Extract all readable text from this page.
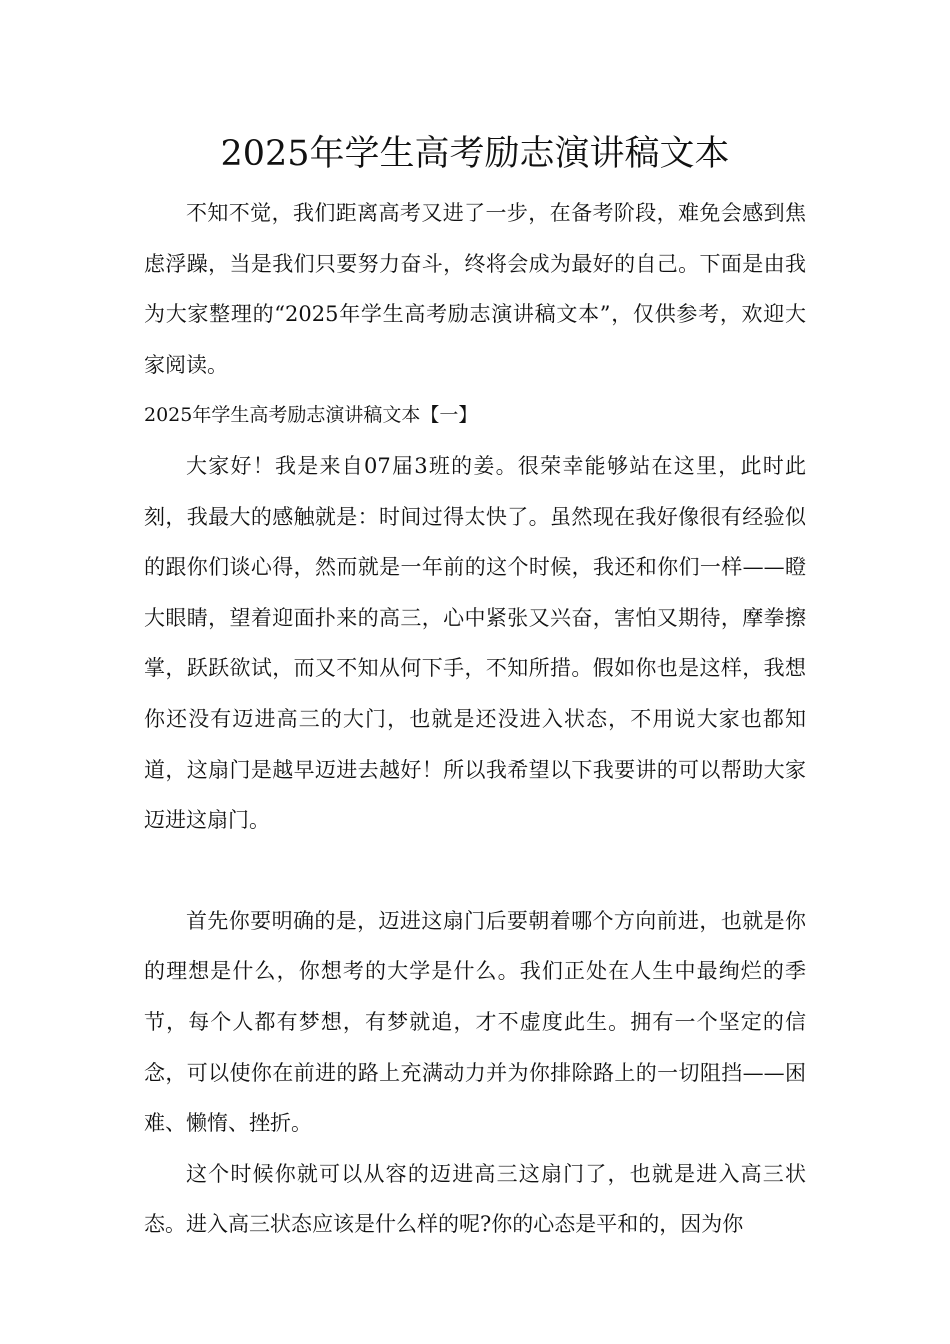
2025年学生高考励志演讲稿文本

不知不觉，我们距离高考又进了一步，在备考阶段，难免会感到焦虑浮躁，当是我们只要努力奋斗，终将会成为最好的自己。下面是由我为大家整理的“2025年学生高考励志演讲稿文本”，仅供参考，欢迎大家阅读。

2025年学生高考励志演讲稿文本【一】

大家好！我是来自07届3班的姜。很荣幸能够站在这里，此时此刻，我最大的感触就是：时间过得太快了。虽然现在我好像很有经验似的跟你们谈心得，然而就是一年前的这个时候，我还和你们一样——瞪大眼睛，望着迎面扑来的高三，心中紧张又兴奋，害怕又期待，摩拳擦掌，跃跃欲试，而又不知从何下手，不知所措。假如你也是这样，我想你还没有迈进高三的大门，也就是还没进入状态，不用说大家也都知道，这扇门是越早迈进去越好！所以我希望以下我要讲的可以帮助大家迈进这扇门。

首先你要明确的是，迈进这扇门后要朝着哪个方向前进，也就是你的理想是什么，你想考的大学是什么。我们正处在人生中最绚烂的季节，每个人都有梦想，有梦就追，才不虚度此生。拥有一个坚定的信念，可以使你在前进的路上充满动力并为你排除路上的一切阻挡——困难、懒惰、挫折。

这个时候你就可以从容的迈进高三这扇门了，也就是进入高三状态。进入高三状态应该是什么样的呢?你的心态是平和的，因为你
